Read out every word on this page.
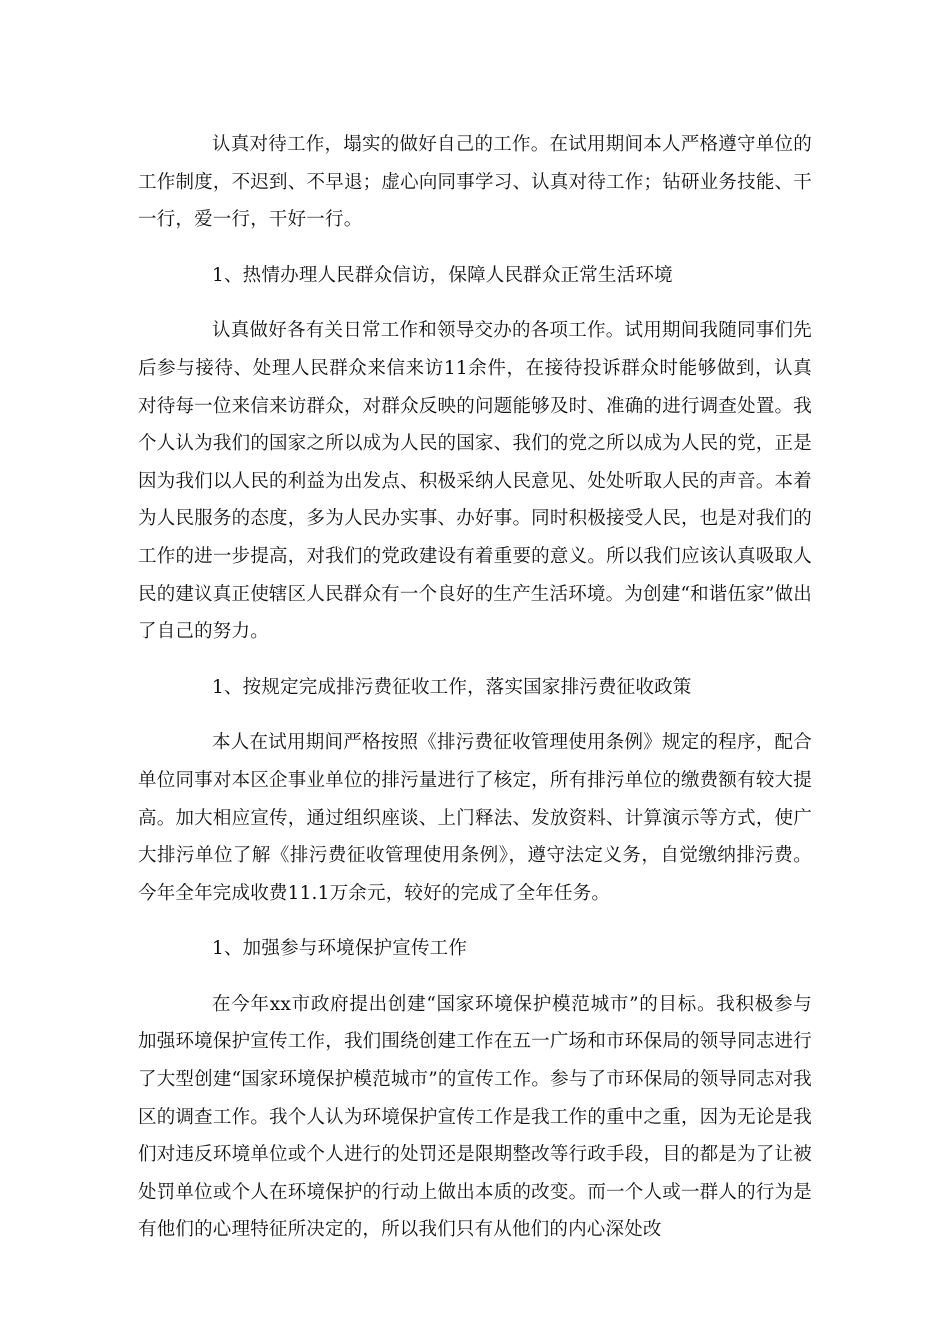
认真对待工作，塌实的做好自己的工作。在试用期间本人严格遵守单位的工作制度，不迟到、不早退；虚心向同事学习、认真对待工作；钻研业务技能、干一行，爱一行，干好一行。

1、热情办理人民群众信访，保障人民群众正常生活环境

认真做好各有关日常工作和领导交办的各项工作。试用期间我随同事们先后参与接待、处理人民群众来信来访11余件，在接待投诉群众时能够做到，认真对待每一位来信来访群众，对群众反映的问题能够及时、准确的进行调查处置。我个人认为我们的国家之所以成为人民的国家、我们的党之所以成为人民的党，正是因为我们以人民的利益为出发点、积极采纳人民意见、处处听取人民的声音。本着为人民服务的态度，多为人民办实事、办好事。同时积极接受人民，也是对我们的工作的进一步提高，对我们的党政建设有着重要的意义。所以我们应该认真吸取人民的建议真正使辖区人民群众有一个良好的生产生活环境。为创建“和谐伍家”做出了自己的努力。

1、按规定完成排污费征收工作，落实国家排污费征收政策

本人在试用期间严格按照《排污费征收管理使用条例》规定的程序，配合单位同事对本区企事业单位的排污量进行了核定，所有排污单位的缴费额有较大提高。加大相应宣传，通过组织座谈、上门释法、发放资料、计算演示等方式，使广大排污单位了解《排污费征收管理使用条例》，遵守法定义务，自觉缴纳排污费。今年全年完成收费11.1万余元，较好的完成了全年任务。

1、加强参与环境保护宣传工作

在今年xx市政府提出创建“国家环境保护模范城市”的目标。我积极参与加强环境保护宣传工作，我们围绕创建工作在五一广场和市环保局的领导同志进行了大型创建“国家环境保护模范城市”的宣传工作。参与了市环保局的领导同志对我区的调查工作。我个人认为环境保护宣传工作是我工作的重中之重，因为无论是我们对违反环境单位或个人进行的处罚还是限期整改等行政手段，目的都是为了让被处罚单位或个人在环境保护的行动上做出本质的改变。而一个人或一群人的行为是有他们的心理特征所决定的，所以我们只有从他们的内心深处改
